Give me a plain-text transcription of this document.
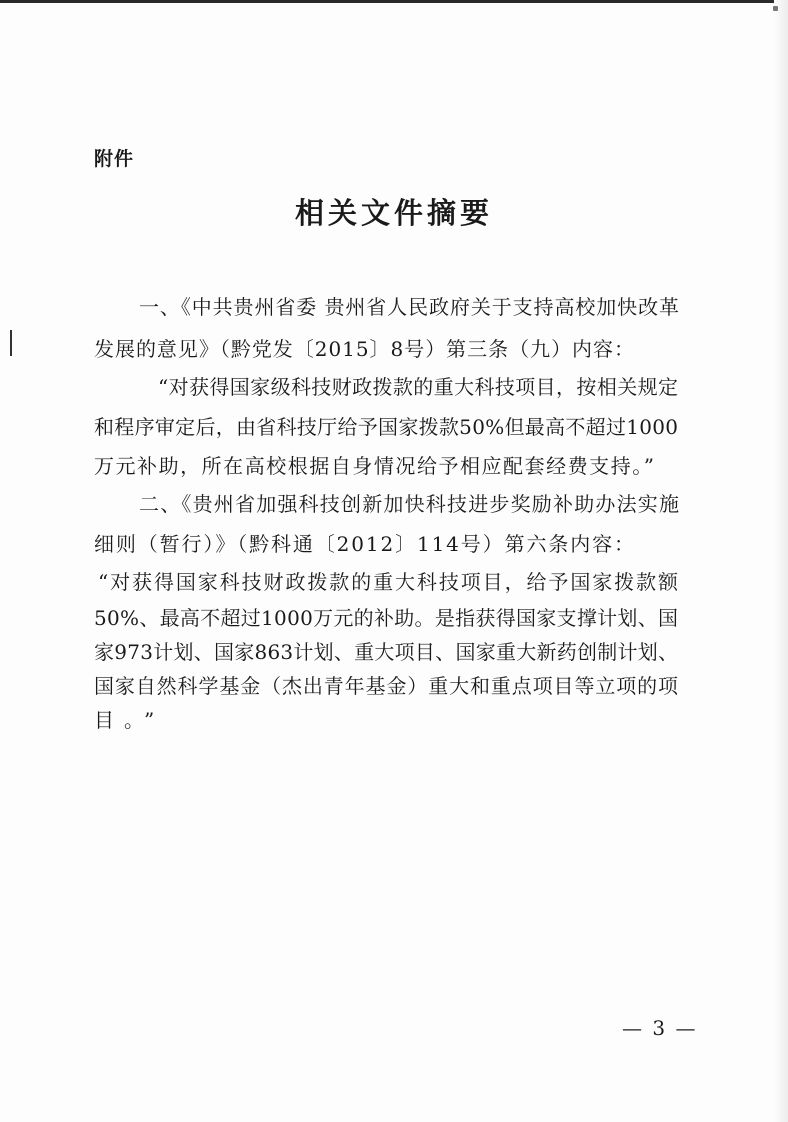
附件
相关文件摘要
一、《中共贵州省委 贵州省人民政府关于支持高校加快改革
发展的意见》（黔党发〔2015〕8号）第三条（九）内容：
“对获得国家级科技财政拨款的重大科技项目，按相关规定
和程序审定后，由省科技厅给予国家拨款50%但最高不超过1000
万元补助，所在高校根据自身情况给予相应配套经费支持。”
二、《贵州省加强科技创新加快科技进步奖励补助办法实施
细则（暂行）》（黔科通〔2012〕114号）第六条内容：
“对获得国家科技财政拨款的重大科技项目，给予国家拨款额
50%、最高不超过1000万元的补助。是指获得国家支撑计划、国
家973计划、国家863计划、重大项目、国家重大新药创制计划、
国家自然科学基金（杰出青年基金）重大和重点项目等立项的项
目。”
— 3 —
